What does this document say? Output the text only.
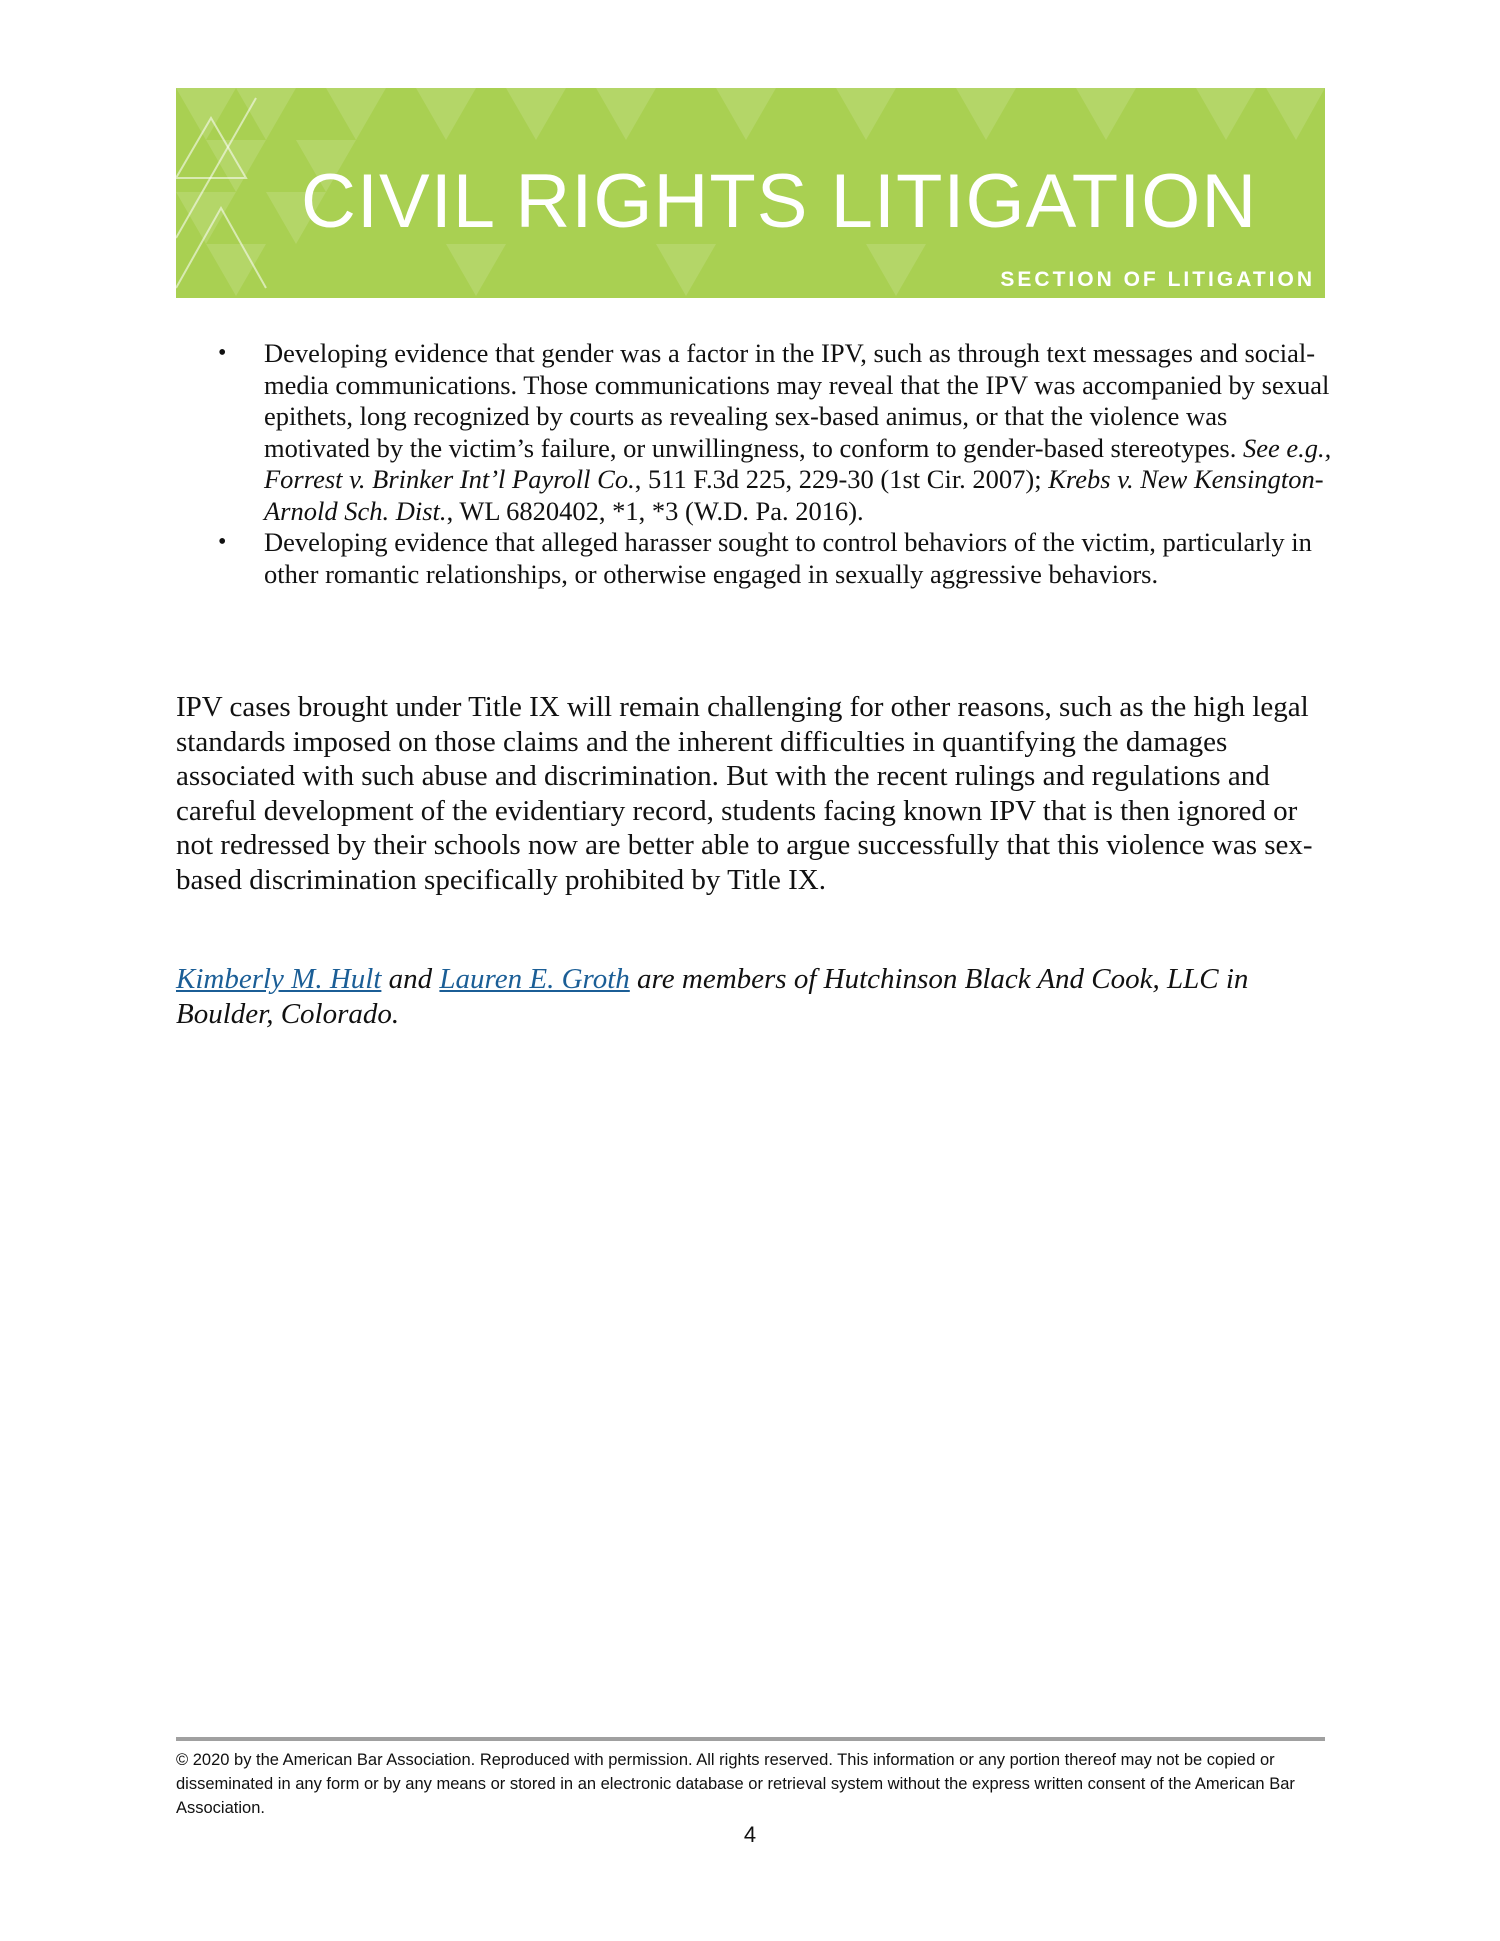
CIVIL RIGHTS LITIGATION
SECTION OF LITIGATION
• Developing evidence that gender was a factor in the IPV, such as through text messages and social-media communications. Those communications may reveal that the IPV was accompanied by sexual epithets, long recognized by courts as revealing sex-based animus, or that the violence was motivated by the victim’s failure, or unwillingness, to conform to gender-based stereotypes. See e.g., Forrest v. Brinker Int’l Payroll Co., 511 F.3d 225, 229-30 (1st Cir. 2007); Krebs v. New Kensington-Arnold Sch. Dist., WL 6820402, *1, *3 (W.D. Pa. 2016).
• Developing evidence that alleged harasser sought to control behaviors of the victim, particularly in other romantic relationships, or otherwise engaged in sexually aggressive behaviors.

IPV cases brought under Title IX will remain challenging for other reasons, such as the high legal standards imposed on those claims and the inherent difficulties in quantifying the damages associated with such abuse and discrimination. But with the recent rulings and regulations and careful development of the evidentiary record, students facing known IPV that is then ignored or not redressed by their schools now are better able to argue successfully that this violence was sex-based discrimination specifically prohibited by Title IX.

Kimberly M. Hult and Lauren E. Groth are members of Hutchinson Black And Cook, LLC in Boulder, Colorado.

© 2020 by the American Bar Association. Reproduced with permission. All rights reserved. This information or any portion thereof may not be copied or disseminated in any form or by any means or stored in an electronic database or retrieval system without the express written consent of the American Bar Association.
4
